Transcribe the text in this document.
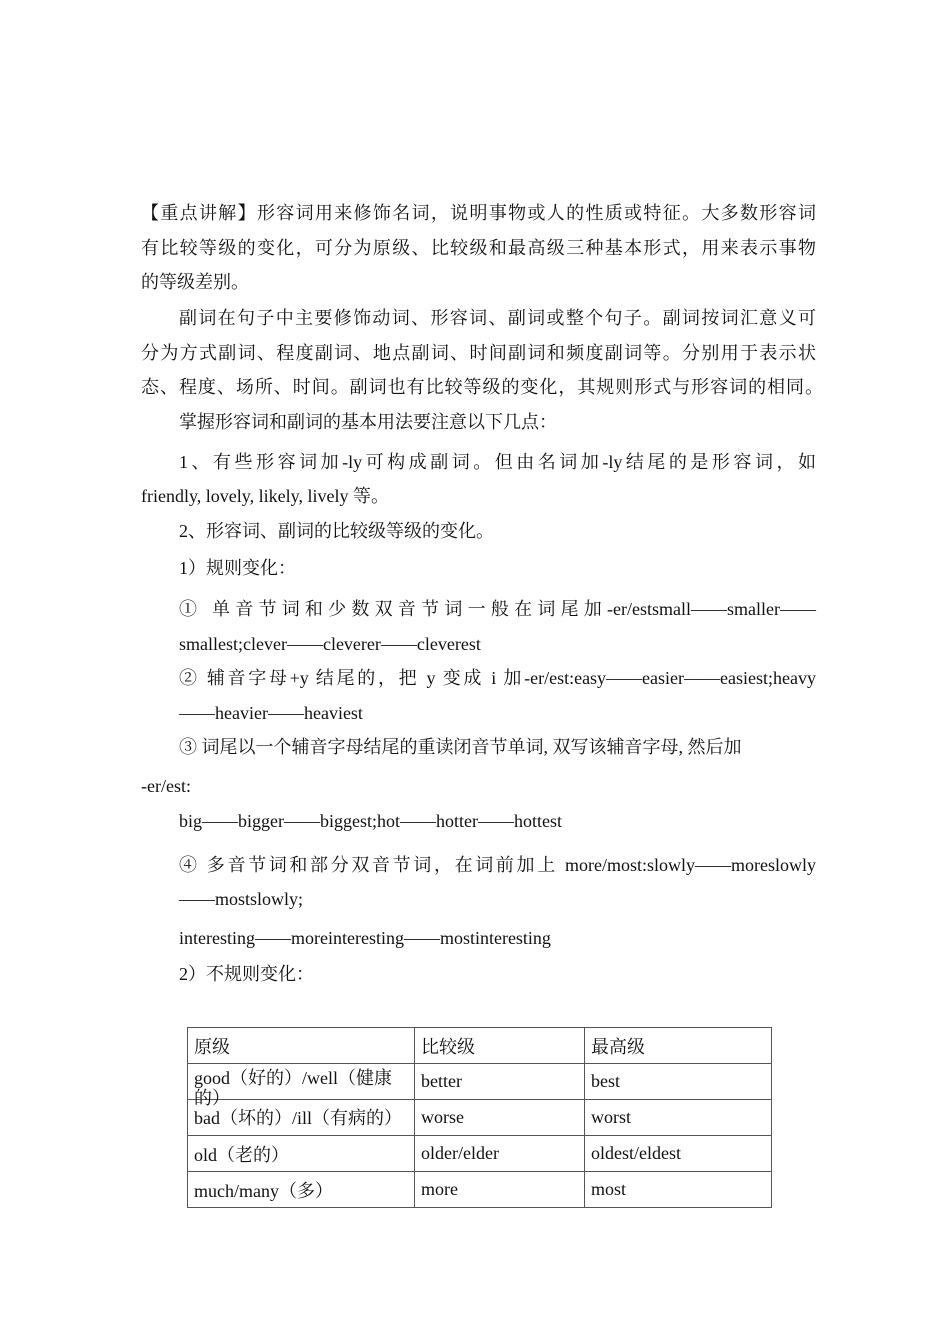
【重点讲解】形容词用来修饰名词，说明事物或人的性质或特征。大多数形容词
有比较等级的变化，可分为原级、比较级和最高级三种基本形式，用来表示事物
的等级差别。
副词在句子中主要修饰动词、形容词、副词或整个句子。副词按词汇意义可
分为方式副词、程度副词、地点副词、时间副词和频度副词等。分别用于表示状
态、程度、场所、时间。副词也有比较等级的变化，其规则形式与形容词的相同。
掌握形容词和副词的基本用法要注意以下几点：
1、有些形容词加-ly可构成副词。但由名词加-ly结尾的是形容词，如
friendly, lovely, likely, lively 等。
2、形容词、副词的比较级等级的变化。
1）规则变化：
① 单音节词和少数双音节词一般在词尾加-er/estsmall——smaller——
smallest;clever——cleverer——cleverest
② 辅音字母+y 结尾的，把 y 变成 i 加-er/est:easy——easier——easiest;heavy
——heavier——heaviest
③ 词尾以一个辅音字母结尾的重读闭音节单词, 双写该辅音字母, 然后加
-er/est:
big——bigger——biggest;hot——hotter——hottest
④ 多音节词和部分双音节词，在词前加上 more/most:slowly——moreslowly
——mostslowly;
interesting——moreinteresting——mostinteresting
2）不规则变化：
原级	比较级	最高级

good（好的）/well（健康的）	better	best

bad（坏的）/ill（有病的）	worse	worst
old（老的）	older/elder	oldest/eldest
much/many（多）	more	most
